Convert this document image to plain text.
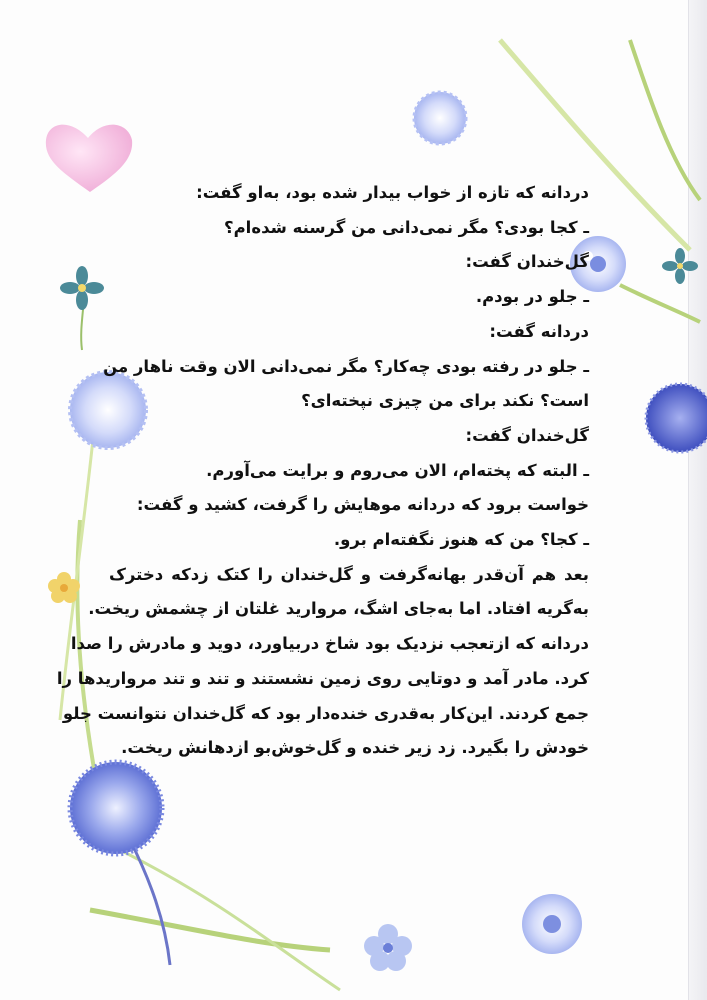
دردانه که تازه از خواب بیدار شده بود، به‌او گفت:
ـ کجا بودی؟ مگر نمی‌دانی من گرسنه شده‌ام؟
گل‌خندان گفت:
ـ جلو در بودم.
دردانه گفت:
ـ جلو در رفته بودی چه‌کار؟ مگر نمی‌دانی الان وقت ناهار من
است؟ نکند برای من چیزی نپخته‌ای؟
گل‌خندان گفت:
ـ البته که پخته‌ام، الان می‌روم و برایت می‌آورم.
خواست برود که دردانه موهایش را گرفت، کشید و گفت:
ـ کجا؟ من که هنوز نگفته‌ام برو.
بعد هم آن‌قدر بهانه‌گرفت و گل‌خندان را کتک زدکه دخترک
به‌گریه افتاد. اما به‌جای اشگ، مروارید غلتان از چشمش ریخت.
دردانه که ازتعجب نزدیک بود شاخ دربیاورد، دوید و مادرش را صدا
کرد. مادر آمد و دوتایی روی زمین نشستند و تند و تند مرواریدها را
جمع کردند. این‌کار به‌قدری خنده‌دار بود که گل‌خندان نتوانست جلو
خودش را بگیرد. زد زیر خنده و گل‌خوش‌بو ازدهانش ریخت.
